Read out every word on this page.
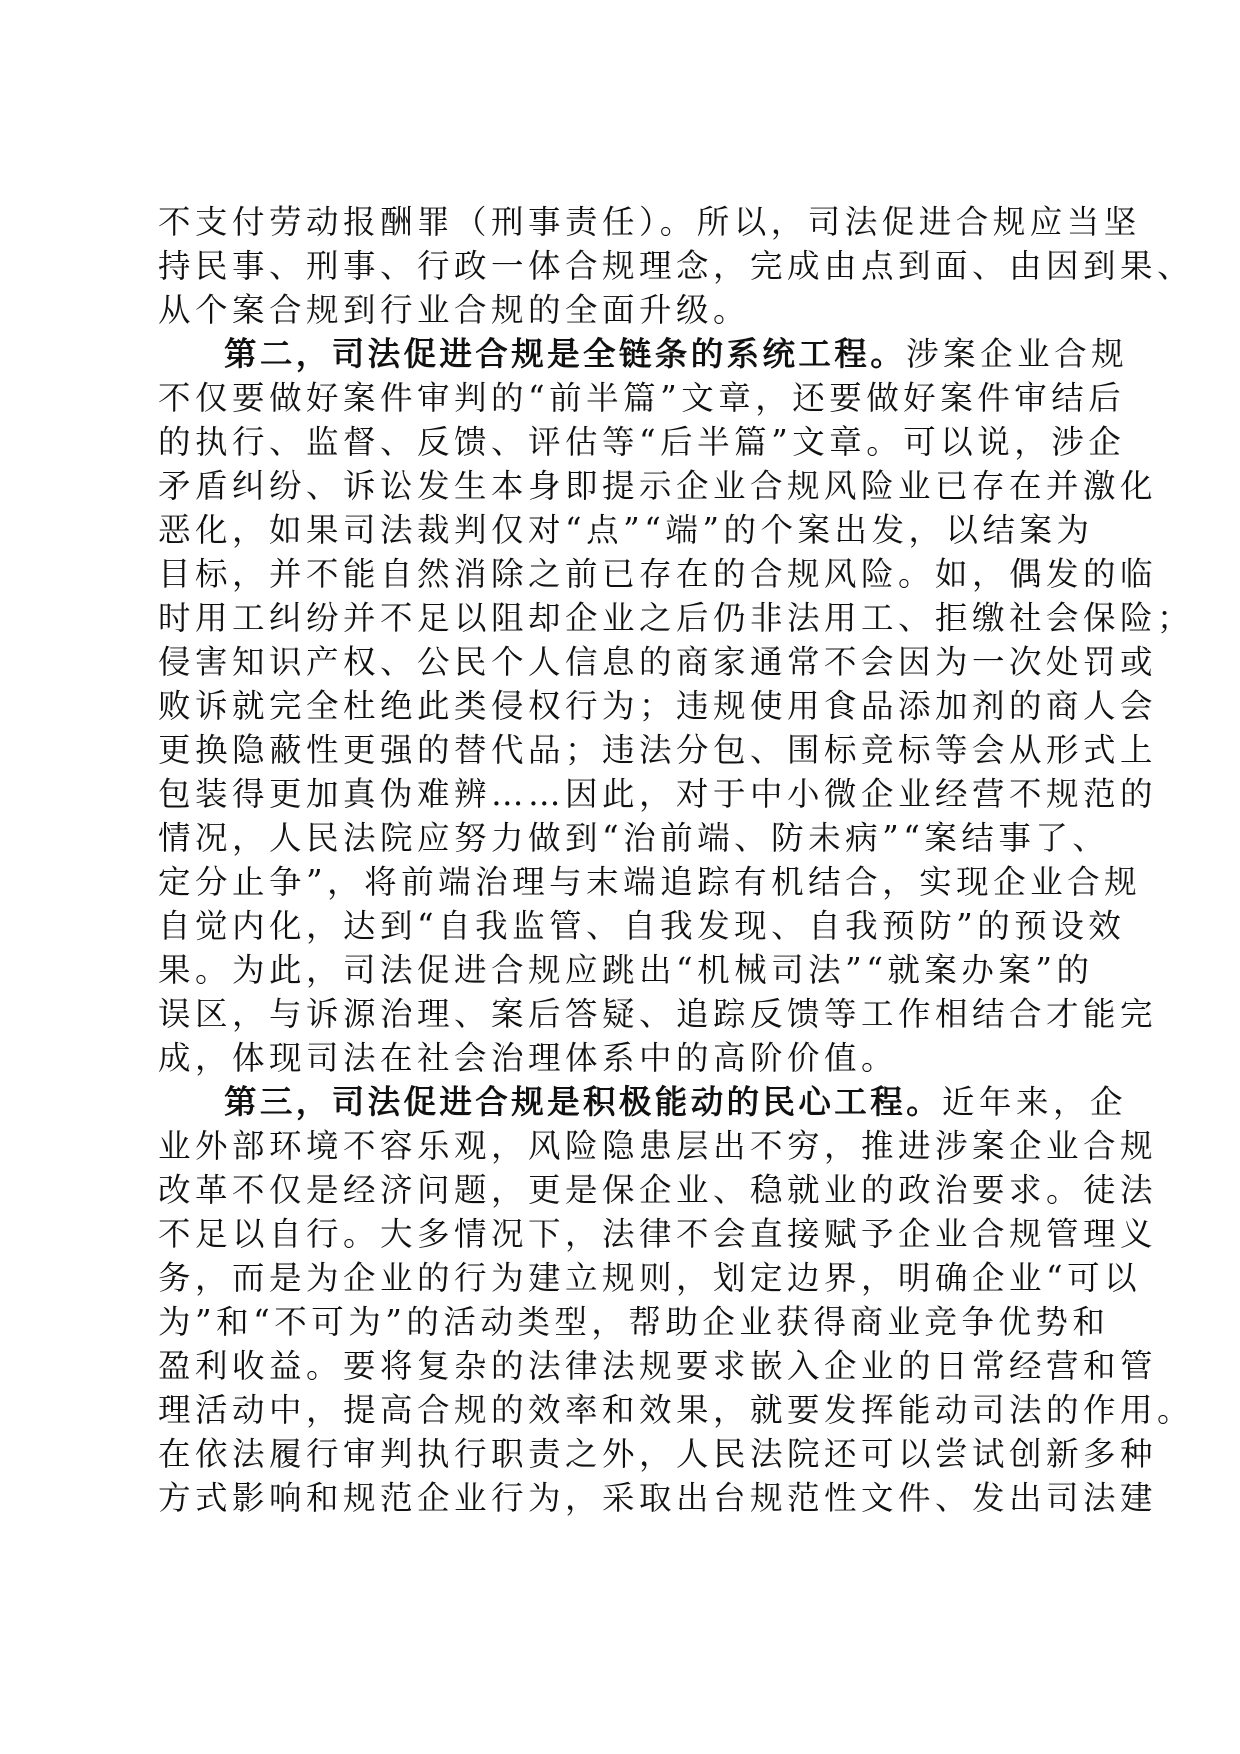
不支付劳动报酬罪（刑事责任）。所以，司法促进合规应当坚
持民事、刑事、行政一体合规理念，完成由点到面、由因到果、
从个案合规到行业合规的全面升级。
第二，司法促进合规是全链条的系统工程。涉案企业合规
不仅要做好案件审判的“前半篇”文章，还要做好案件审结后
的执行、监督、反馈、评估等“后半篇”文章。可以说，涉企
矛盾纠纷、诉讼发生本身即提示企业合规风险业已存在并激化
恶化，如果司法裁判仅对“点”“端”的个案出发，以结案为
目标，并不能自然消除之前已存在的合规风险。如，偶发的临
时用工纠纷并不足以阻却企业之后仍非法用工、拒缴社会保险；
侵害知识产权、公民个人信息的商家通常不会因为一次处罚或
败诉就完全杜绝此类侵权行为；违规使用食品添加剂的商人会
更换隐蔽性更强的替代品；违法分包、围标竞标等会从形式上
包装得更加真伪难辨……因此，对于中小微企业经营不规范的
情况，人民法院应努力做到“治前端、防未病”“案结事了、
定分止争”，将前端治理与末端追踪有机结合，实现企业合规
自觉内化，达到“自我监管、自我发现、自我预防”的预设效
果。为此，司法促进合规应跳出“机械司法”“就案办案”的
误区，与诉源治理、案后答疑、追踪反馈等工作相结合才能完
成，体现司法在社会治理体系中的高阶价值。
第三，司法促进合规是积极能动的民心工程。近年来，企
业外部环境不容乐观，风险隐患层出不穷，推进涉案企业合规
改革不仅是经济问题，更是保企业、稳就业的政治要求。徒法
不足以自行。大多情况下，法律不会直接赋予企业合规管理义
务，而是为企业的行为建立规则，划定边界，明确企业“可以
为”和“不可为”的活动类型，帮助企业获得商业竞争优势和
盈利收益。要将复杂的法律法规要求嵌入企业的日常经营和管
理活动中，提高合规的效率和效果，就要发挥能动司法的作用。
在依法履行审判执行职责之外，人民法院还可以尝试创新多种
方式影响和规范企业行为，采取出台规范性文件、发出司法建
